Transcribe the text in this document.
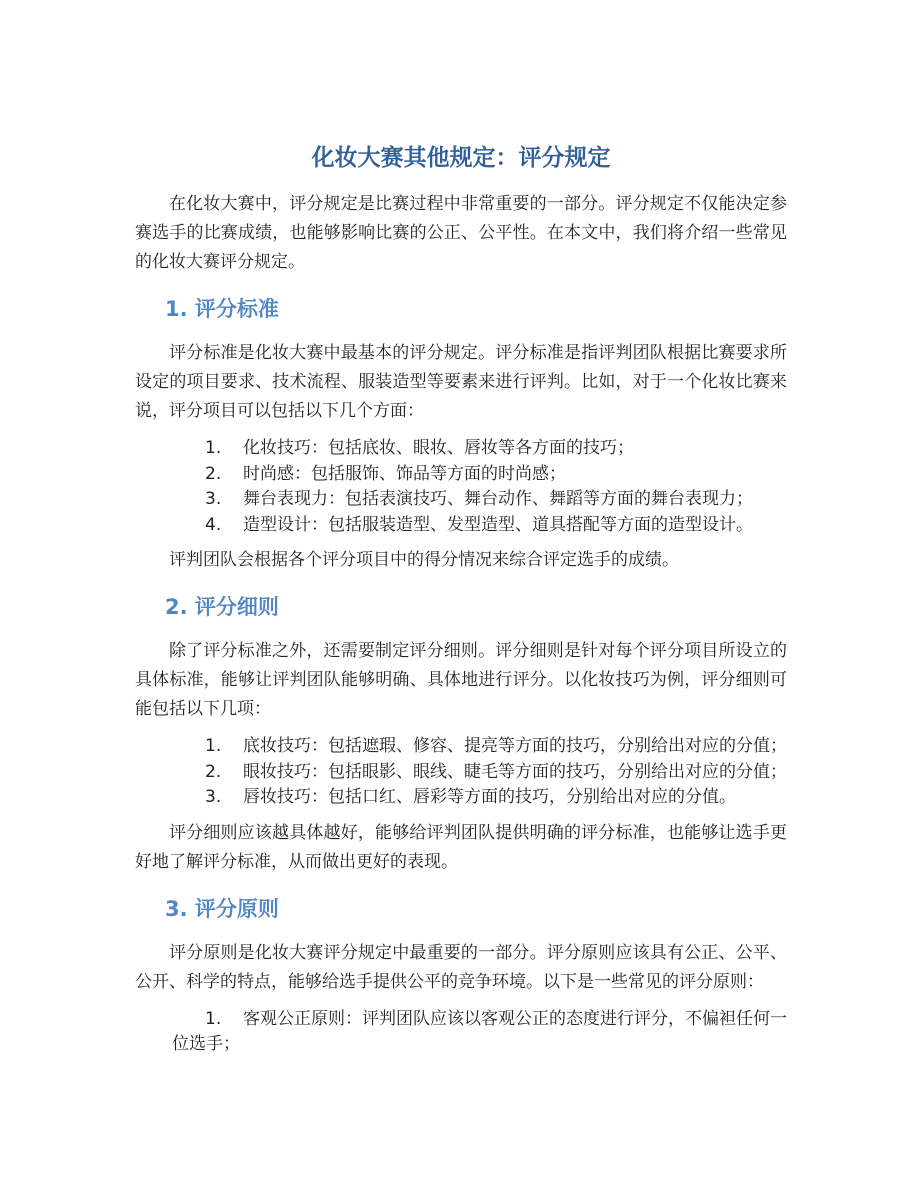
化妆大赛其他规定：评分规定

在化妆大赛中，评分规定是比赛过程中非常重要的一部分。评分规定不仅能决定参赛选手的比赛成绩，也能够影响比赛的公正、公平性。在本文中，我们将介绍一些常见的化妆大赛评分规定。

1. 评分标准

评分标准是化妆大赛中最基本的评分规定。评分标准是指评判团队根据比赛要求所设定的项目要求、技术流程、服装造型等要素来进行评判。比如，对于一个化妆比赛来说，评分项目可以包括以下几个方面：

1. 化妆技巧：包括底妆、眼妆、唇妆等各方面的技巧；
2. 时尚感：包括服饰、饰品等方面的时尚感；
3. 舞台表现力：包括表演技巧、舞台动作、舞蹈等方面的舞台表现力；
4. 造型设计：包括服装造型、发型造型、道具搭配等方面的造型设计。

评判团队会根据各个评分项目中的得分情况来综合评定选手的成绩。

2. 评分细则

除了评分标准之外，还需要制定评分细则。评分细则是针对每个评分项目所设立的具体标准，能够让评判团队能够明确、具体地进行评分。以化妆技巧为例，评分细则可能包括以下几项：

1. 底妆技巧：包括遮瑕、修容、提亮等方面的技巧，分别给出对应的分值；
2. 眼妆技巧：包括眼影、眼线、睫毛等方面的技巧，分别给出对应的分值；
3. 唇妆技巧：包括口红、唇彩等方面的技巧，分别给出对应的分值。

评分细则应该越具体越好，能够给评判团队提供明确的评分标准，也能够让选手更好地了解评分标准，从而做出更好的表现。

3. 评分原则

评分原则是化妆大赛评分规定中最重要的一部分。评分原则应该具有公正、公平、公开、科学的特点，能够给选手提供公平的竞争环境。以下是一些常见的评分原则：

1. 客观公正原则：评判团队应该以客观公正的态度进行评分，不偏袒任何一位选手；
